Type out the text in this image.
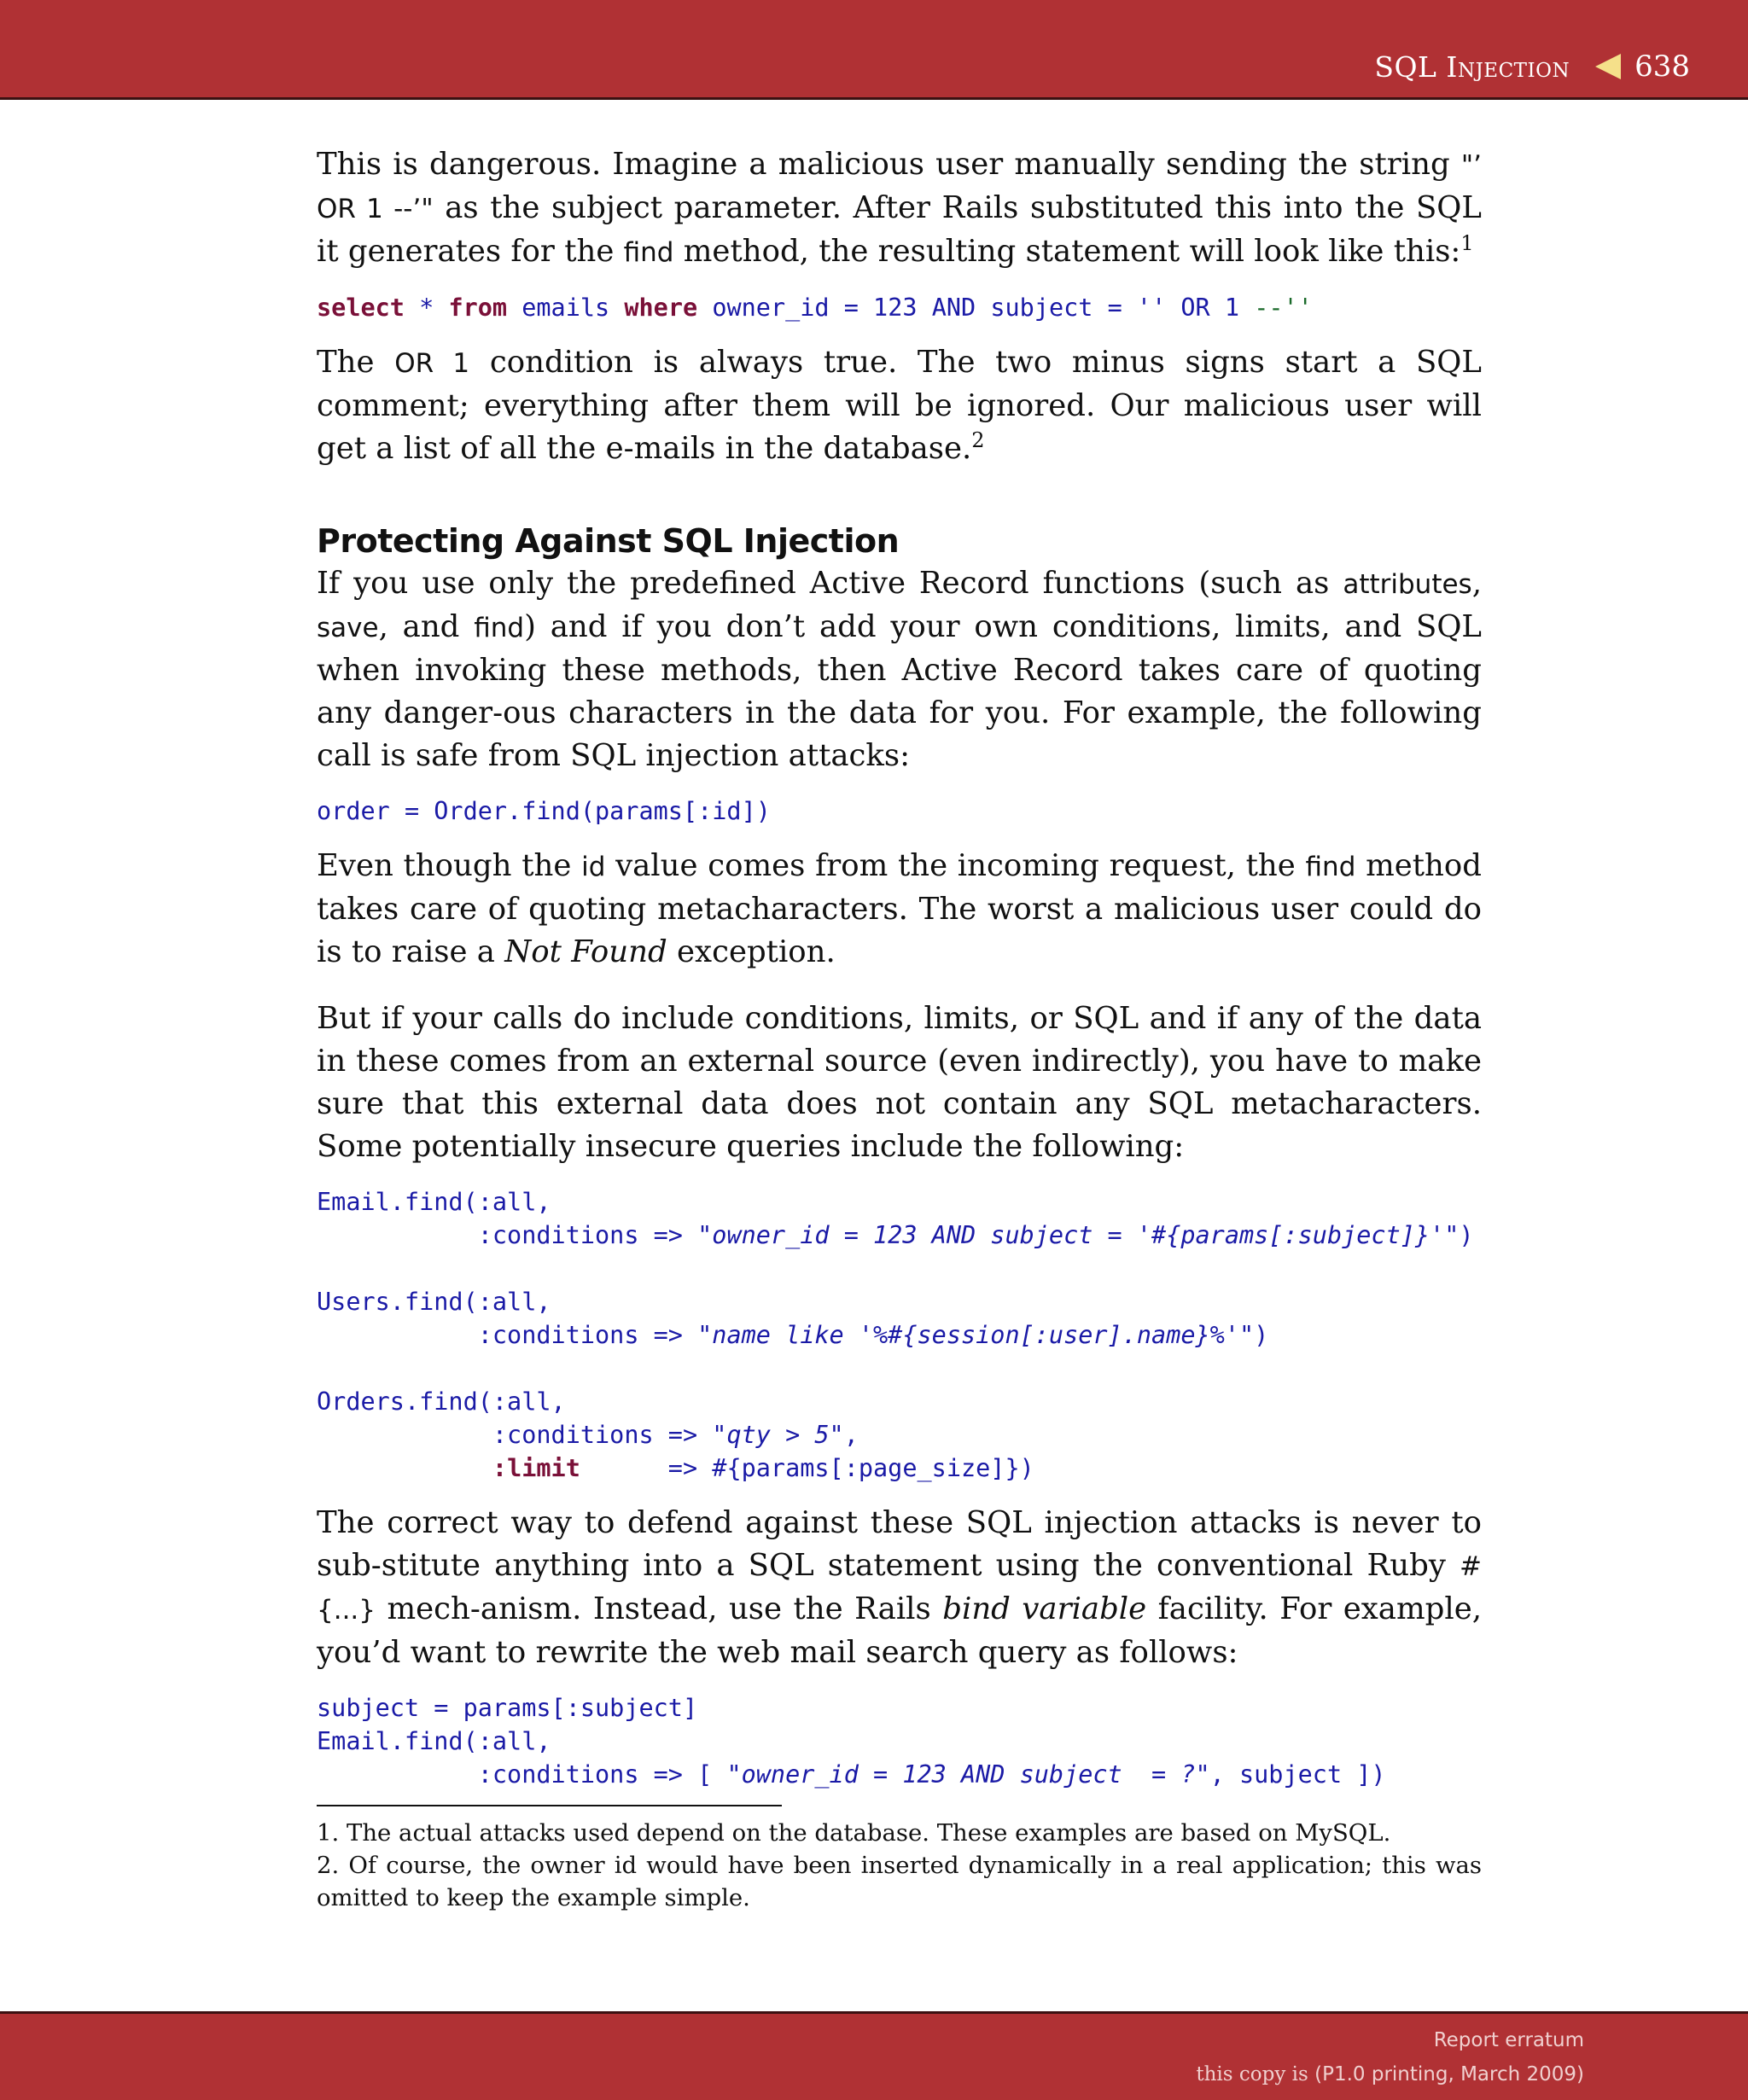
SQL Injection 638

This is dangerous. Imagine a malicious user manually sending the string "’ OR 1 --’" as the subject parameter. After Rails substituted this into the SQL it generates for the find method, the resulting statement will look like this:$^1$

select * from emails where owner_id = 123 AND subject = '' OR 1 --''

The OR 1 condition is always true. The two minus signs start a SQL comment; everything after them will be ignored. Our malicious user will get a list of all the e-mails in the database.$^2$

Protecting Against SQL Injection

If you use only the predefined Active Record functions (such as attributes, save, and find) and if you don’t add your own conditions, limits, and SQL when invoking these methods, then Active Record takes care of quoting any danger-ous characters in the data for you. For example, the following call is safe from SQL injection attacks:

order = Order.find(params[:id])

Even though the id value comes from the incoming request, the find method takes care of quoting metacharacters. The worst a malicious user could do is to raise a Not Found exception.

But if your calls do include conditions, limits, or SQL and if any of the data in these comes from an external source (even indirectly), you have to make sure that this external data does not contain any SQL metacharacters. Some potentially insecure queries include the following:

Email.find(:all,
:conditions => "owner_id = 123 AND subject = '#{params[:subject]}'")

Users.find(:all,
:conditions => "name like '%#{session[:user].name}%'")

Orders.find(:all,
:conditions => "qty > 5",
:limit      => #{params[:page_size]})

The correct way to defend against these SQL injection attacks is never to sub-stitute anything into a SQL statement using the conventional Ruby #{...} mech-anism. Instead, use the Rails bind variable facility. For example, you’d want to rewrite the web mail search query as follows:

subject = params[:subject]
Email.find(:all,
:conditions => [ "owner_id = 123 AND subject  = ?", subject ])

1. The actual attacks used depend on the database. These examples are based on MySQL.

2. Of course, the owner id would have been inserted dynamically in a real application; this was omitted to keep the example simple.

Report erratum
this copy is (P1.0 printing, March 2009)
